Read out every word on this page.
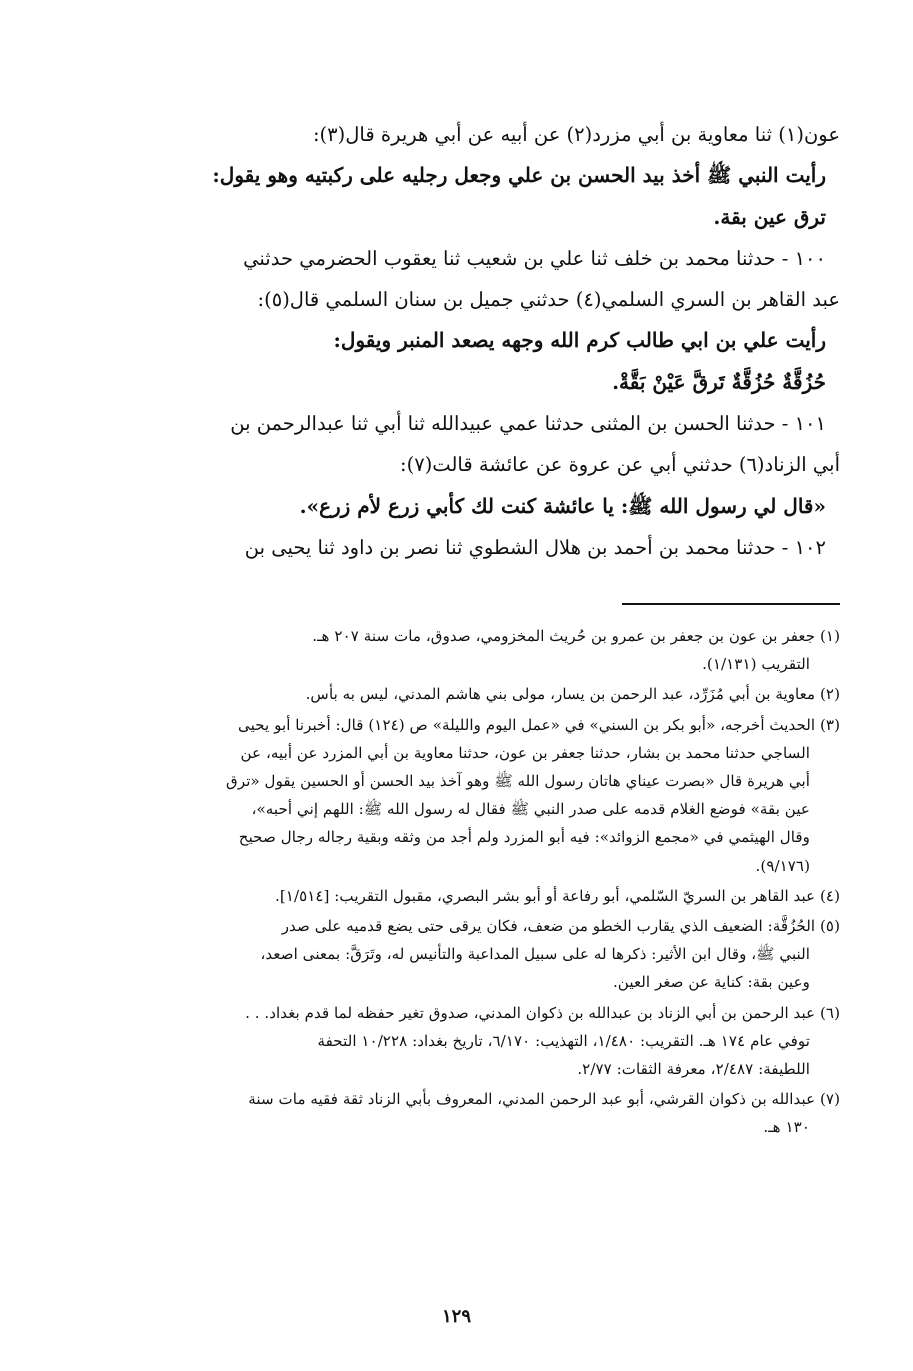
عون(١) ثنا معاوية بن أبي مزرد(٢) عن أبيه عن أبي هريرة قال(٣):

رأيت النبي ﷺ أخذ بيد الحسن بن علي وجعل رجليه على ركبتيه وهو يقول:

ترق عين بقة.

١٠٠ - حدثنا محمد بن خلف ثنا علي بن شعيب ثنا يعقوب الحضرمي حدثني

عبد القاهر بن السري السلمي(٤) حدثني جميل بن سنان السلمي قال(٥):

رأيت علي بن ابي طالب كرم الله وجهه يصعد المنبر ويقول:

حُزُقَّةٌ حُزُقَّةٌ تَرقَّ عَيْنْ بَقَّةْ.

١٠١ - حدثنا الحسن بن المثنى حدثنا عمي عبيدالله ثنا أبي ثنا عبدالرحمن بن

أبي الزناد(٦) حدثني أبي عن عروة عن عائشة قالت(٧):

«قال لي رسول الله ﷺ: يا عائشة كنت لك كأبي زرع لأم زرع».

١٠٢ - حدثنا محمد بن أحمد بن هلال الشطوي ثنا نصر بن داود ثنا يحيى بن

(١) جعفر بن عون بن جعفر بن عمرو بن حُريث المخزومي، صدوق، مات سنة ٢٠٧ هـ.
التقريب (١/١٣١).
(٢) معاوية بن أبي مُزَرِّد، عبد الرحمن بن يسار، مولى بني هاشم المدني، ليس به بأس.
(٣) الحديث أخرجه، «أبو بكر بن السني» في «عمل اليوم والليلة» ص (١٢٤) قال: أخبرنا أبو يحيى
الساجي حدثنا محمد بن بشار، حدثنا جعفر بن عون، حدثنا معاوية بن أبي المزرد عن أبيه، عن
أبي هريرة قال «بصرت عيناي هاتان رسول الله ﷺ وهو آخذ بيد الحسن أو الحسين يقول «ترق
عين بقة» فوضع الغلام قدمه على صدر النبي ﷺ فقال له رسول الله ﷺ: اللهم إني أحبه»،
وقال الهيثمي في «مجمع الزوائد»: فيه أبو المزرد ولم أجد من وثقه وبقية رجاله رجال صحيح
(٩/١٧٦).
(٤) عبد القاهر بن السريّ السّلمي، أبو رفاعة أو أبو بشر البصري، مقبول التقريب: [١/٥١٤].
(٥) الحُزُقَّة: الضعيف الذي يقارب الخطو من ضعف، فكان يرقى حتى يضع قدميه على صدر
النبي ﷺ، وقال ابن الأثير: ذكرها له على سبيل المداعبة والتأنيس له، وتَرَقَّ: بمعنى اصعد،
وعين بقة: كناية عن صغر العين.
(٦) عبد الرحمن بن أبي الزناد بن عبدالله بن ذكوان المدني، صدوق تغير حفظه لما قدم بغداد. . .
توفي عام ١٧٤ هـ. التقريب: ١/٤٨٠، التهذيب: ٦/١٧٠، تاريخ بغداد: ١٠/٢٢٨ التحفة
اللطيفة: ٢/٤٨٧، معرفة الثقات: ٢/٧٧.
(٧) عبدالله بن ذكوان القرشي، أبو عبد الرحمن المدني، المعروف بأبي الزناد ثقة فقيه مات سنة
١٣٠ هـ.
١٢٩
